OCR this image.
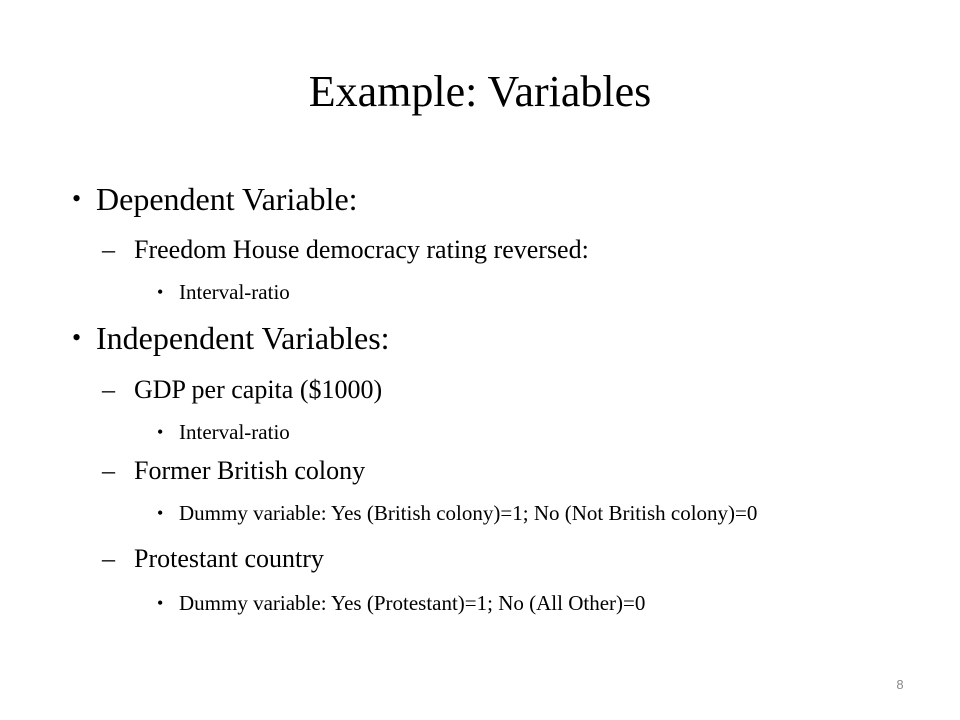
Example: Variables
• Dependent Variable:
– Freedom House democracy rating reversed:
• Interval-ratio
• Independent Variables:
– GDP per capita ($1000)
• Interval-ratio
– Former British colony
• Dummy variable: Yes (British colony)=1; No (Not British colony)=0
– Protestant country
• Dummy variable: Yes (Protestant)=1; No (All Other)=0
8
